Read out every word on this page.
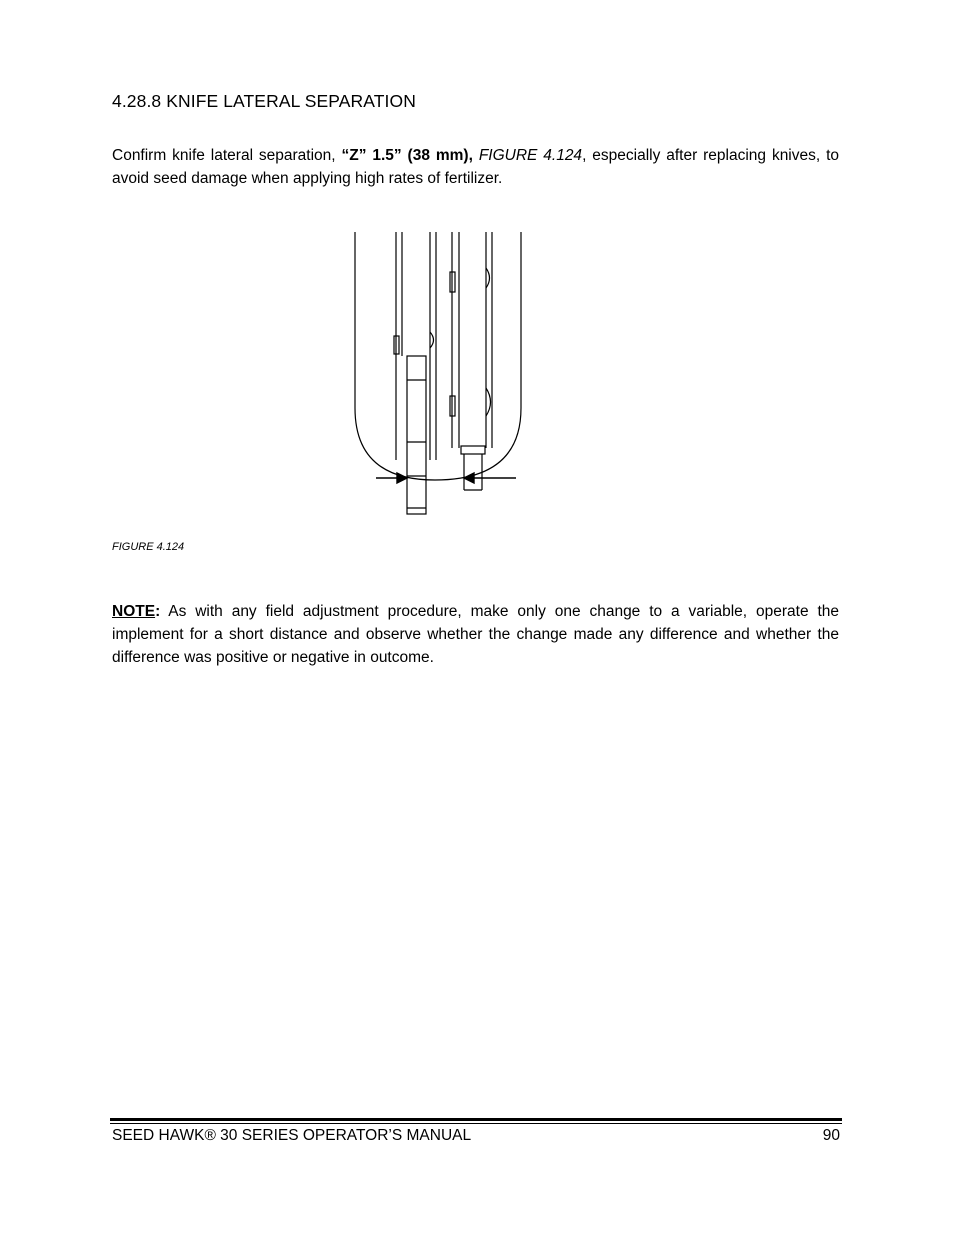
4.28.8 KNIFE LATERAL SEPARATION
Confirm knife lateral separation, “Z” 1.5” (38 mm), FIGURE 4.124, especially after replacing knives, to avoid seed damage when applying high rates of fertilizer.
FIGURE 4.124
NOTE: As with any field adjustment procedure, make only one change to a variable, operate the implement for a short distance and observe whether the change made any difference and whether the difference was positive or negative in outcome.
SEED HAWK® 30 SERIES OPERATOR’S MANUAL	90
